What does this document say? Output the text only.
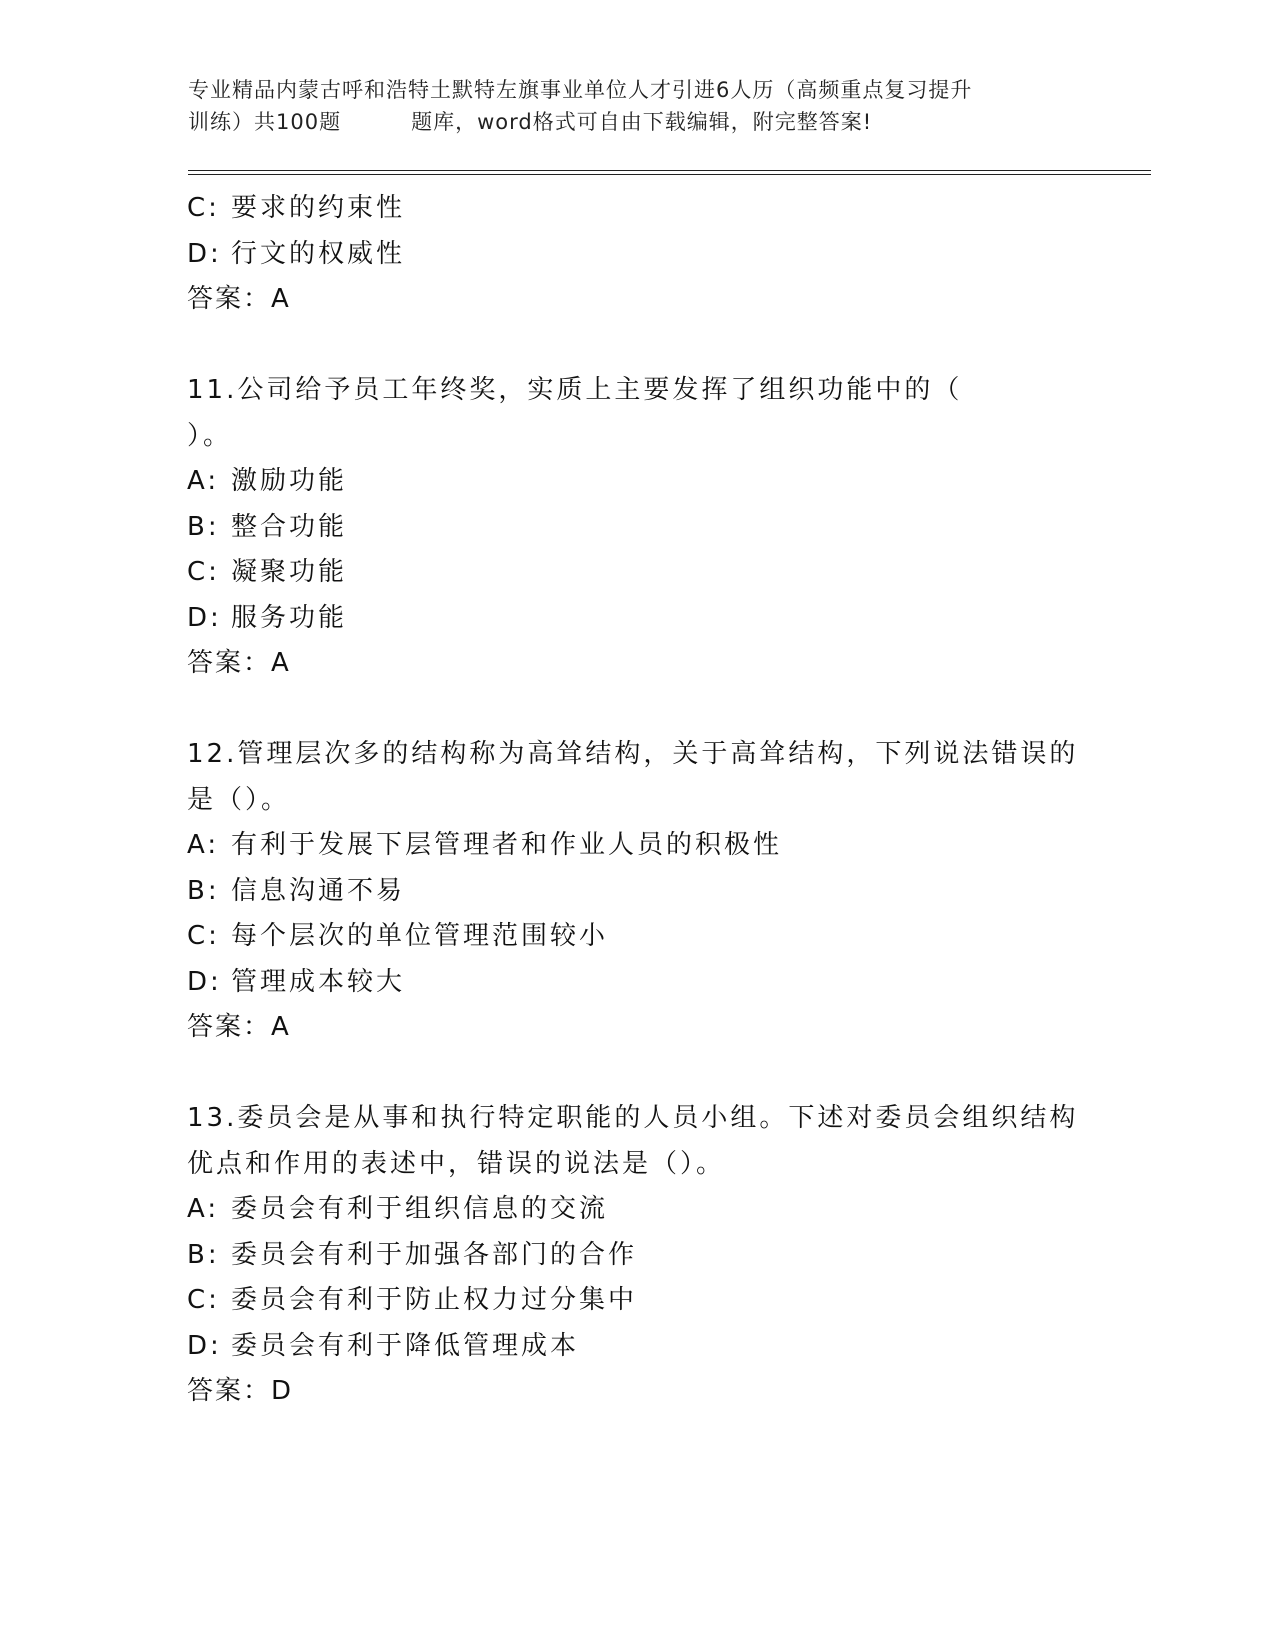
专业精品内蒙古呼和浩特土默特左旗事业单位人才引进6人历（高频重点复习提升
训练）共100题	题库，word格式可自由下载编辑，附完整答案!
C: 要求的约束性
D: 行文的权威性
答案：A
11.公司给予员工年终奖，实质上主要发挥了组织功能中的（
）。
A: 激励功能
B: 整合功能
C: 凝聚功能
D: 服务功能
答案：A
12.管理层次多的结构称为高耸结构，关于高耸结构，下列说法错误的
是（）。
A: 有利于发展下层管理者和作业人员的积极性
B: 信息沟通不易
C: 每个层次的单位管理范围较小
D: 管理成本较大
答案：A
13.委员会是从事和执行特定职能的人员小组。下述对委员会组织结构
优点和作用的表述中，错误的说法是（）。
A: 委员会有利于组织信息的交流
B: 委员会有利于加强各部门的合作
C: 委员会有利于防止权力过分集中
D: 委员会有利于降低管理成本
答案：D
